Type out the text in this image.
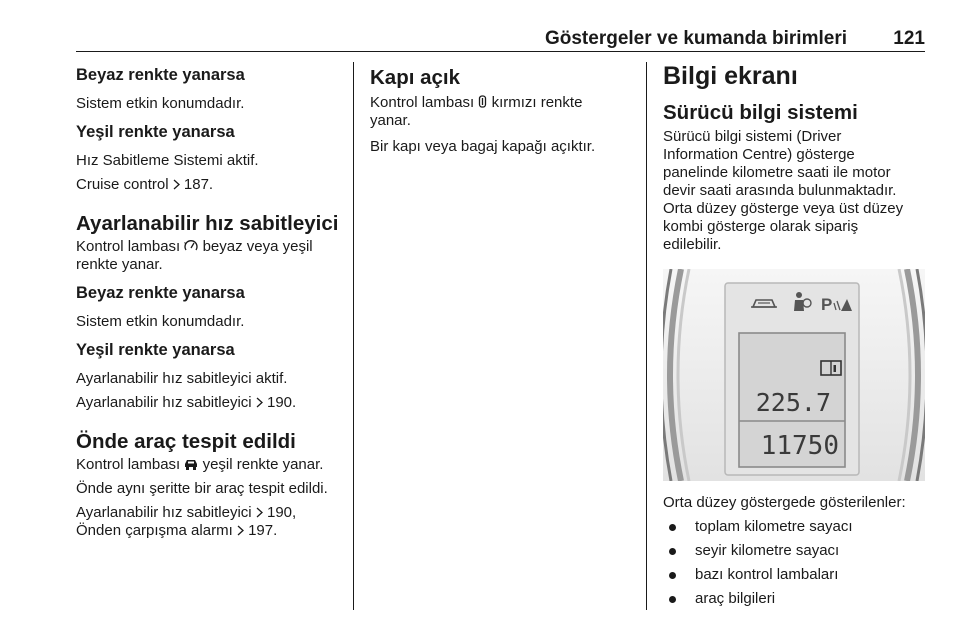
Göstergeler ve kumanda birimleri 121
Beyaz renkte yanarsa

Sistem etkin konumdadır.

Yeşil renkte yanarsa

Hız Sabitleme Sistemi aktif.

Cruise control 187.

Ayarlanabilir hız sabitleyici

Kontrol lambası beyaz veya yeşil
renkte yanar.

Beyaz renkte yanarsa

Sistem etkin konumdadır.

Yeşil renkte yanarsa

Ayarlanabilir hız sabitleyici aktif.

Ayarlanabilir hız sabitleyici 190.

Önde araç tespit edildi

Kontrol lambası yeşil renkte yanar.

Önde aynı şeritte bir araç tespit edildi.

Ayarlanabilir hız sabitleyici 190,
Önden çarpışma alarmı 197.

Kapı açık

Kontrol lambası kırmızı renkte
yanar.

Bir kapı veya bagaj kapağı açıktır.

Bilgi ekranı
Sürücü bilgi sistemi

Sürücü bilgi sistemi (Driver
Information Centre) gösterge
panelinde kilometre saati ile motor
devir saati arasında bulunmaktadır.
Orta düzey gösterge veya üst düzey
kombi gösterge olarak sipariş
edilebilir.

P
225.7
11750

Orta düzey göstergede gösterilenler:

toplam kilometre sayacı
seyir kilometre sayacı
bazı kontrol lambaları
araç bilgileri
